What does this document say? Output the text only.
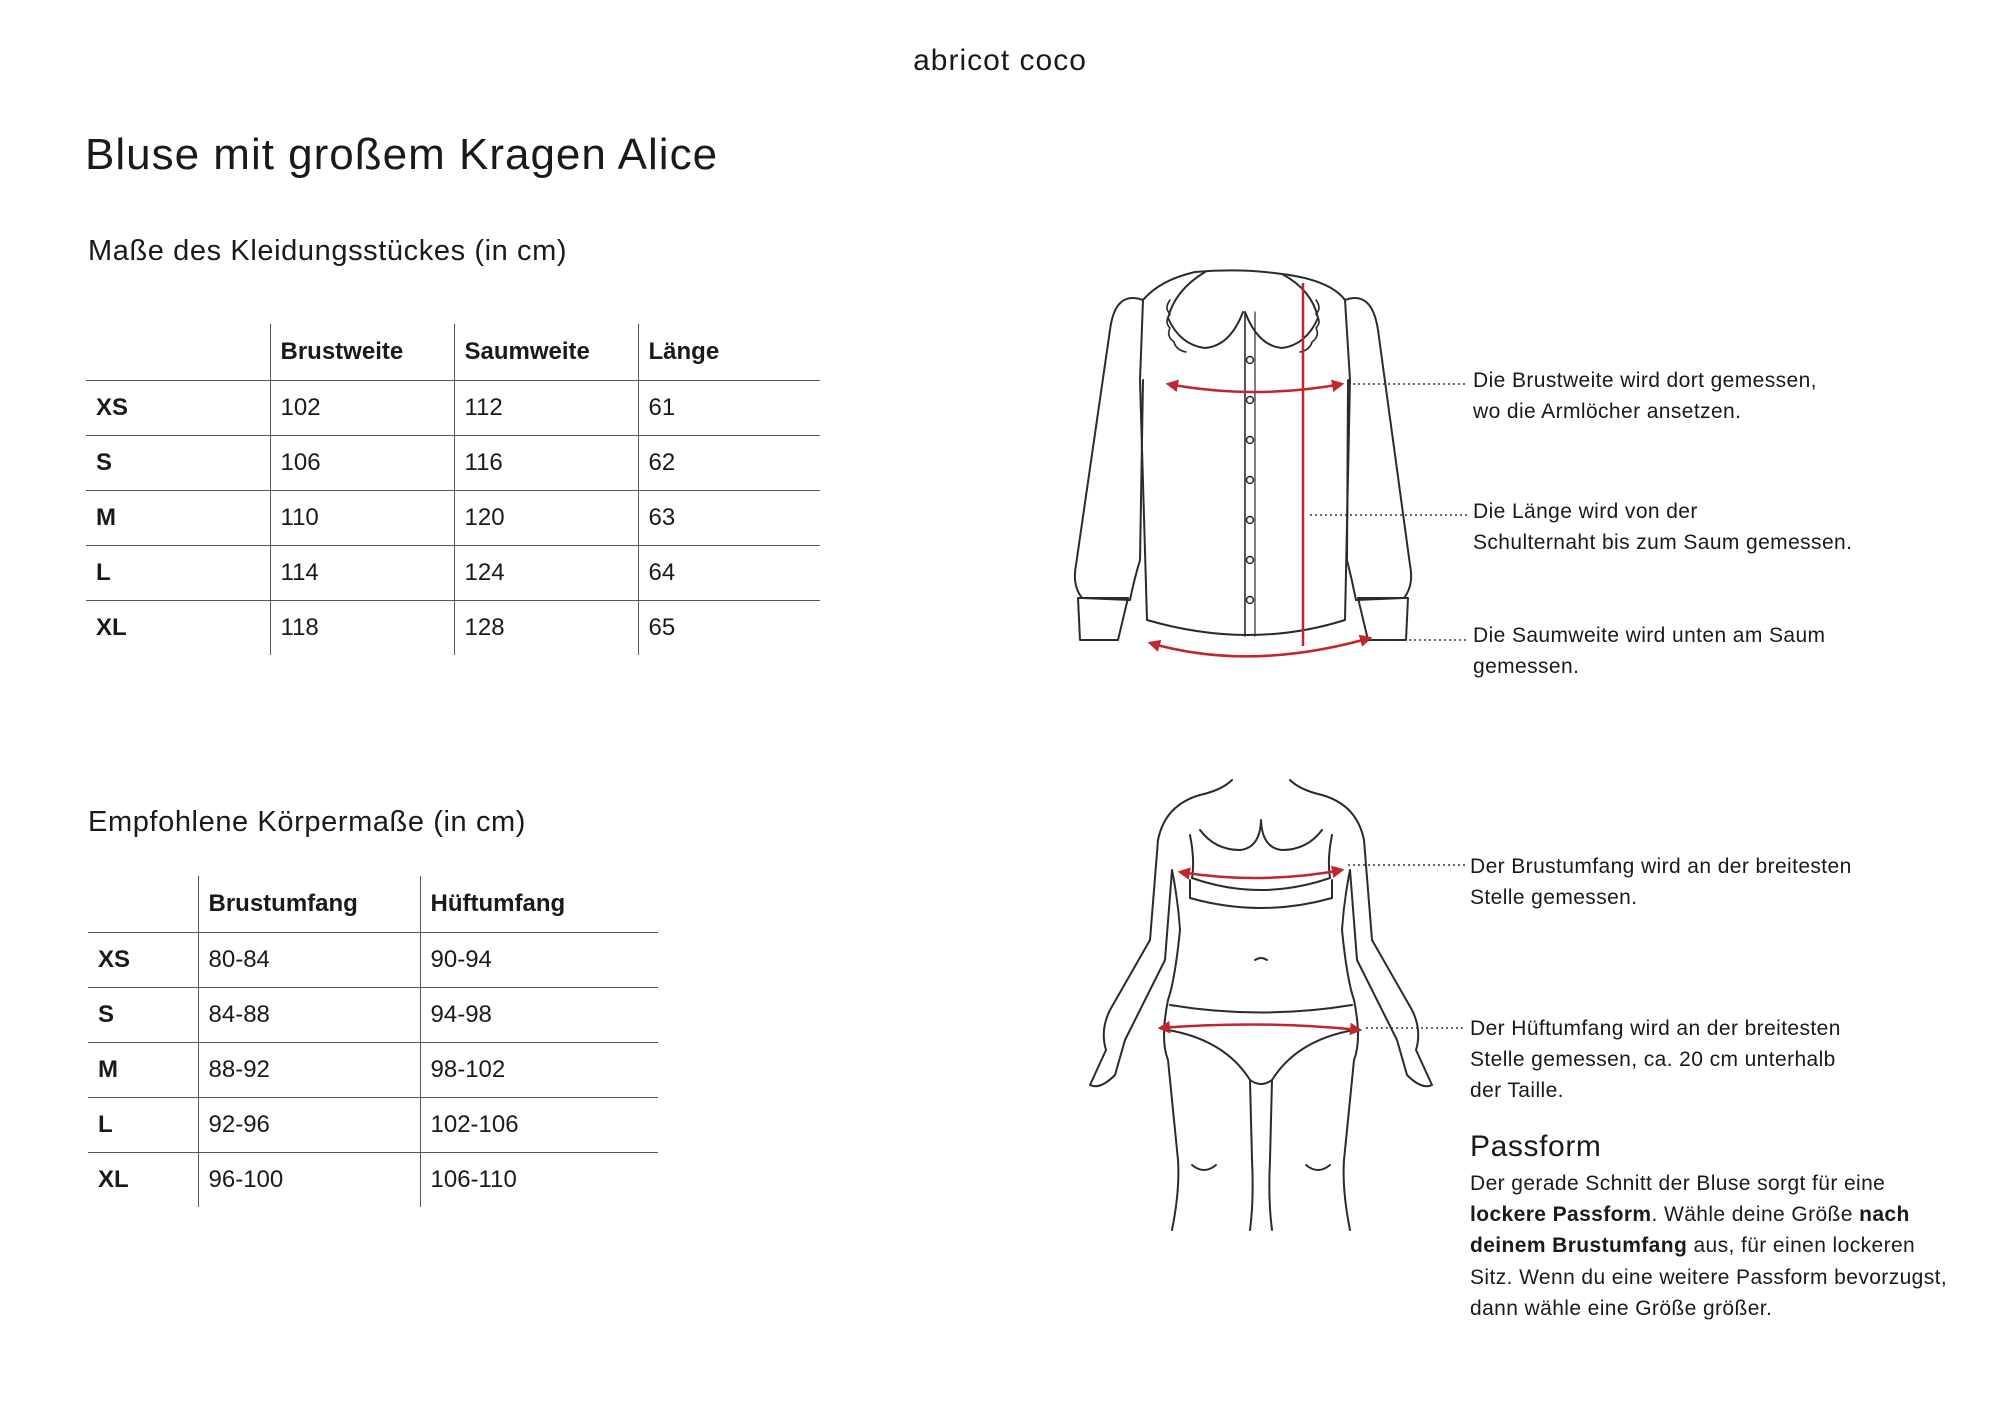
abricot coco
Bluse mit großem Kragen Alice
Maße des Kleidungsstückes (in cm)
	Brustweite	Saumweite	Länge
XS	102	112	61
S	106	116	62
M	110	120	63
L	114	124	64
XL	118	128	65
Empfohlene Körpermaße (in cm)
	Brustumfang	Hüftumfang
XS	80-84	90-94
S	84-88	94-98
M	88-92	98-102
L	92-96	102-106
XL	96-100	106-110

Die Brustweite wird dort gemessen,
wo die Armlöcher ansetzen.

Die Länge wird von der
Schulternaht bis zum Saum gemessen.

Die Saumweite wird unten am Saum
gemessen.

Der Brustumfang wird an der breitesten
Stelle gemessen.

Der Hüftumfang wird an der breitesten
Stelle gemessen, ca. 20 cm unterhalb
der Taille.

Passform

Der gerade Schnitt der Bluse sorgt für eine lockere Passform. Wähle deine Größe nach deinem Brustumfang aus, für einen lockeren Sitz. Wenn du eine weitere Passform bevorzugst, dann wähle eine Größe größer.
